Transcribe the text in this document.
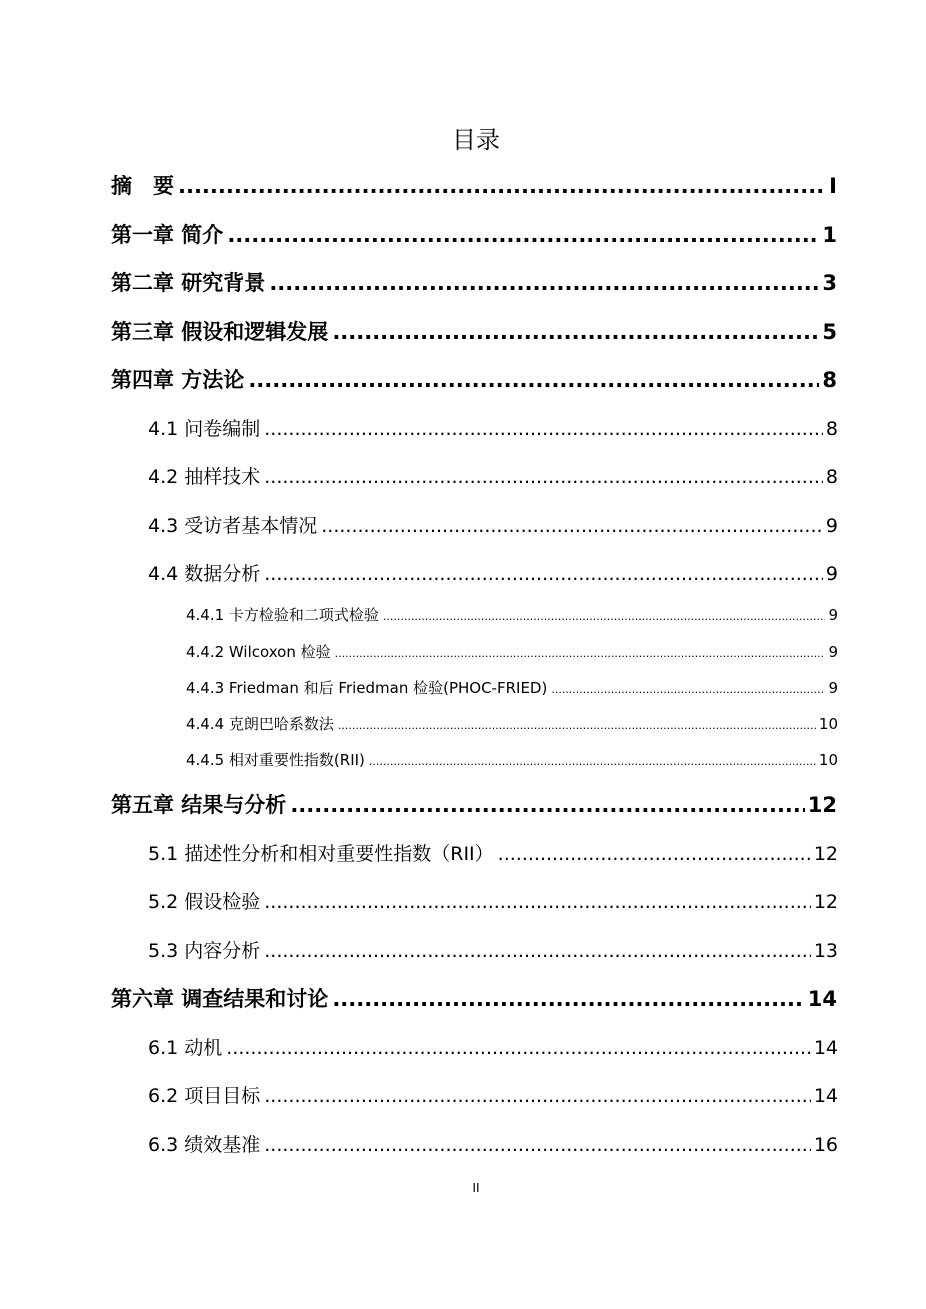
目录
摘　要 .....	I
第一章 简介 .....	1
第二章 研究背景 .....	3
第三章 假设和逻辑发展 .....	5
第四章 方法论 .....	8
4.1 问卷编制 .....	8
4.2 抽样技术 .....	8
4.3 受访者基本情况 .....	9
4.4 数据分析 .....	9
4.4.1 卡方检验和二项式检验 .....	9
4.4.2 Wilcoxon 检验 .....	9
4.4.3 Friedman 和后 Friedman 检验(PHOC-FRIED) .....	9
4.4.4 克朗巴哈系数法 .....	10
4.4.5 相对重要性指数(RII) .....	10
第五章 结果与分析 .....	12
5.1 描述性分析和相对重要性指数（RII） .....	12
5.2 假设检验 .....	12
5.3 内容分析 .....	13
第六章 调查结果和讨论 .....	14
6.1 动机 .....	14
6.2 项目目标 .....	14
6.3 绩效基准 .....	16
II
